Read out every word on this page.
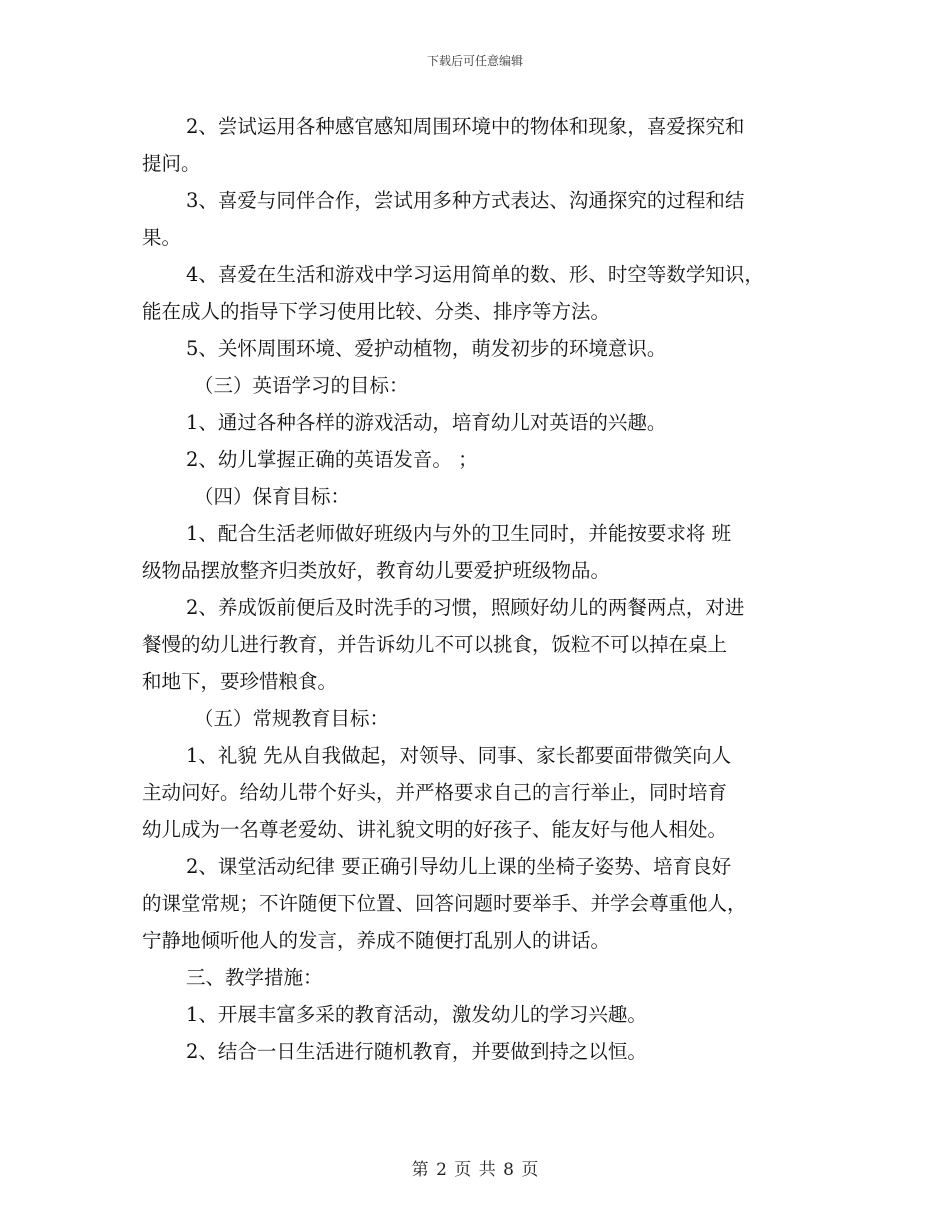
下载后可任意编辑
2、尝试运用各种感官感知周围环境中的物体和现象，喜爱探究和
提问。
3、喜爱与同伴合作，尝试用多种方式表达、沟通探究的过程和结
果。
4、喜爱在生活和游戏中学习运用简单的数、形、时空等数学知识，
能在成人的指导下学习使用比较、分类、排序等方法。
5、关怀周围环境、爱护动植物，萌发初步的环境意识。
（三）英语学习的目标：
1、通过各种各样的游戏活动，培育幼儿对英语的兴趣。
2、幼儿掌握正确的英语发音。 ；
（四）保育目标：
1、配合生活老师做好班级内与外的卫生同时，并能按要求将 班
级物品摆放整齐归类放好，教育幼儿要爱护班级物品。
2、养成饭前便后及时洗手的习惯，照顾好幼儿的两餐两点，对进
餐慢的幼儿进行教育，并告诉幼儿不可以挑食，饭粒不可以掉在桌上
和地下，要珍惜粮食。
（五）常规教育目标：
1、礼貌 先从自我做起，对领导、同事、家长都要面带微笑向人
主动问好。给幼儿带个好头，并严格要求自己的言行举止，同时培育
幼儿成为一名尊老爱幼、讲礼貌文明的好孩子、能友好与他人相处。
2、课堂活动纪律 要正确引导幼儿上课的坐椅子姿势、培育良好
的课堂常规；不许随便下位置、回答问题时要举手、并学会尊重他人，
宁静地倾听他人的发言，养成不随便打乱别人的讲话。
三、教学措施：
1、开展丰富多采的教育活动，激发幼儿的学习兴趣。
2、结合一日生活进行随机教育，并要做到持之以恒。
第 2 页 共 8 页
